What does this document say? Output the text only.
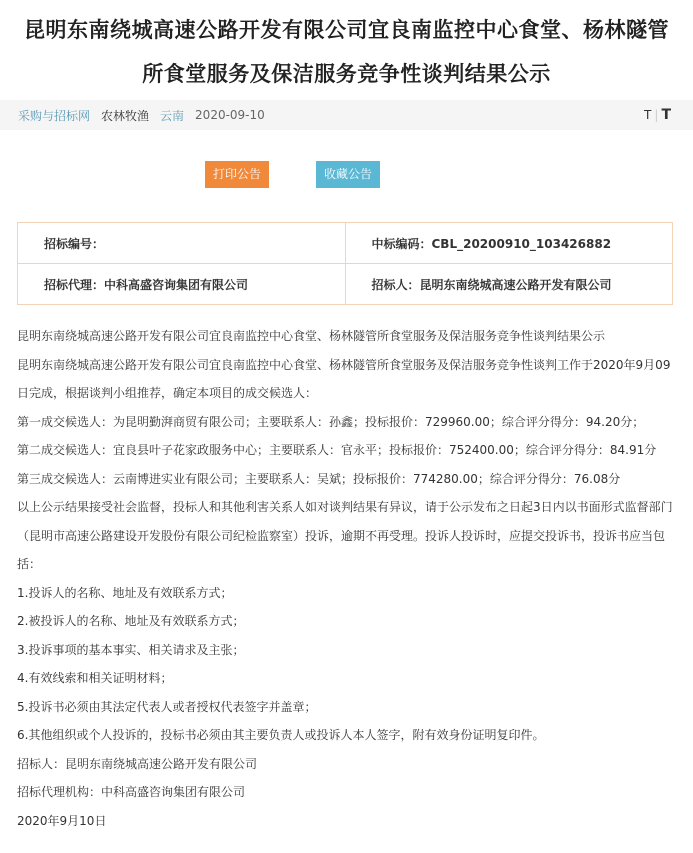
昆明东南绕城高速公路开发有限公司宜良南监控中心食堂、杨林隧管所食堂服务及保洁服务竞争性谈判结果公示
采购与招标网 农林牧渔 云南 2020-09-10	T | T
打印公告	收藏公告
招标编号：	中标编码：CBL_20200910_103426882
招标代理：中科高盛咨询集团有限公司	招标人：昆明东南绕城高速公路开发有限公司

昆明东南绕城高速公路开发有限公司宜良南监控中心食堂、杨林隧管所食堂服务及保洁服务竞争性谈判结果公示

昆明东南绕城高速公路开发有限公司宜良南监控中心食堂、杨林隧管所食堂服务及保洁服务竞争性谈判工作于2020年9月09日完成，根据谈判小组推荐，确定本项目的成交候选人：

第一成交候选人：为昆明勤湃商贸有限公司；主要联系人：孙鑫；投标报价：729960.00；综合评分得分：94.20分；

第二成交候选人：宜良县叶子花家政服务中心；主要联系人：官永平；投标报价：752400.00；综合评分得分：84.91分

第三成交候选人：云南博进实业有限公司；主要联系人：吴斌；投标报价：774280.00；综合评分得分：76.08分

以上公示结果接受社会监督，投标人和其他利害关系人如对谈判结果有异议，请于公示发布之日起3日内以书面形式监督部门（昆明市高速公路建设开发股份有限公司纪检监察室）投诉，逾期不再受理。投诉人投诉时，应提交投诉书，投诉书应当包括：

1.投诉人的名称、地址及有效联系方式；

2.被投诉人的名称、地址及有效联系方式；

3.投诉事项的基本事实、相关请求及主张；

4.有效线索和相关证明材料；

5.投诉书必须由其法定代表人或者授权代表签字并盖章；

6.其他组织或个人投诉的，投标书必须由其主要负责人或投诉人本人签字，附有效身份证明复印件。

招标人：昆明东南绕城高速公路开发有限公司

招标代理机构：中科高盛咨询集团有限公司

2020年9月10日
